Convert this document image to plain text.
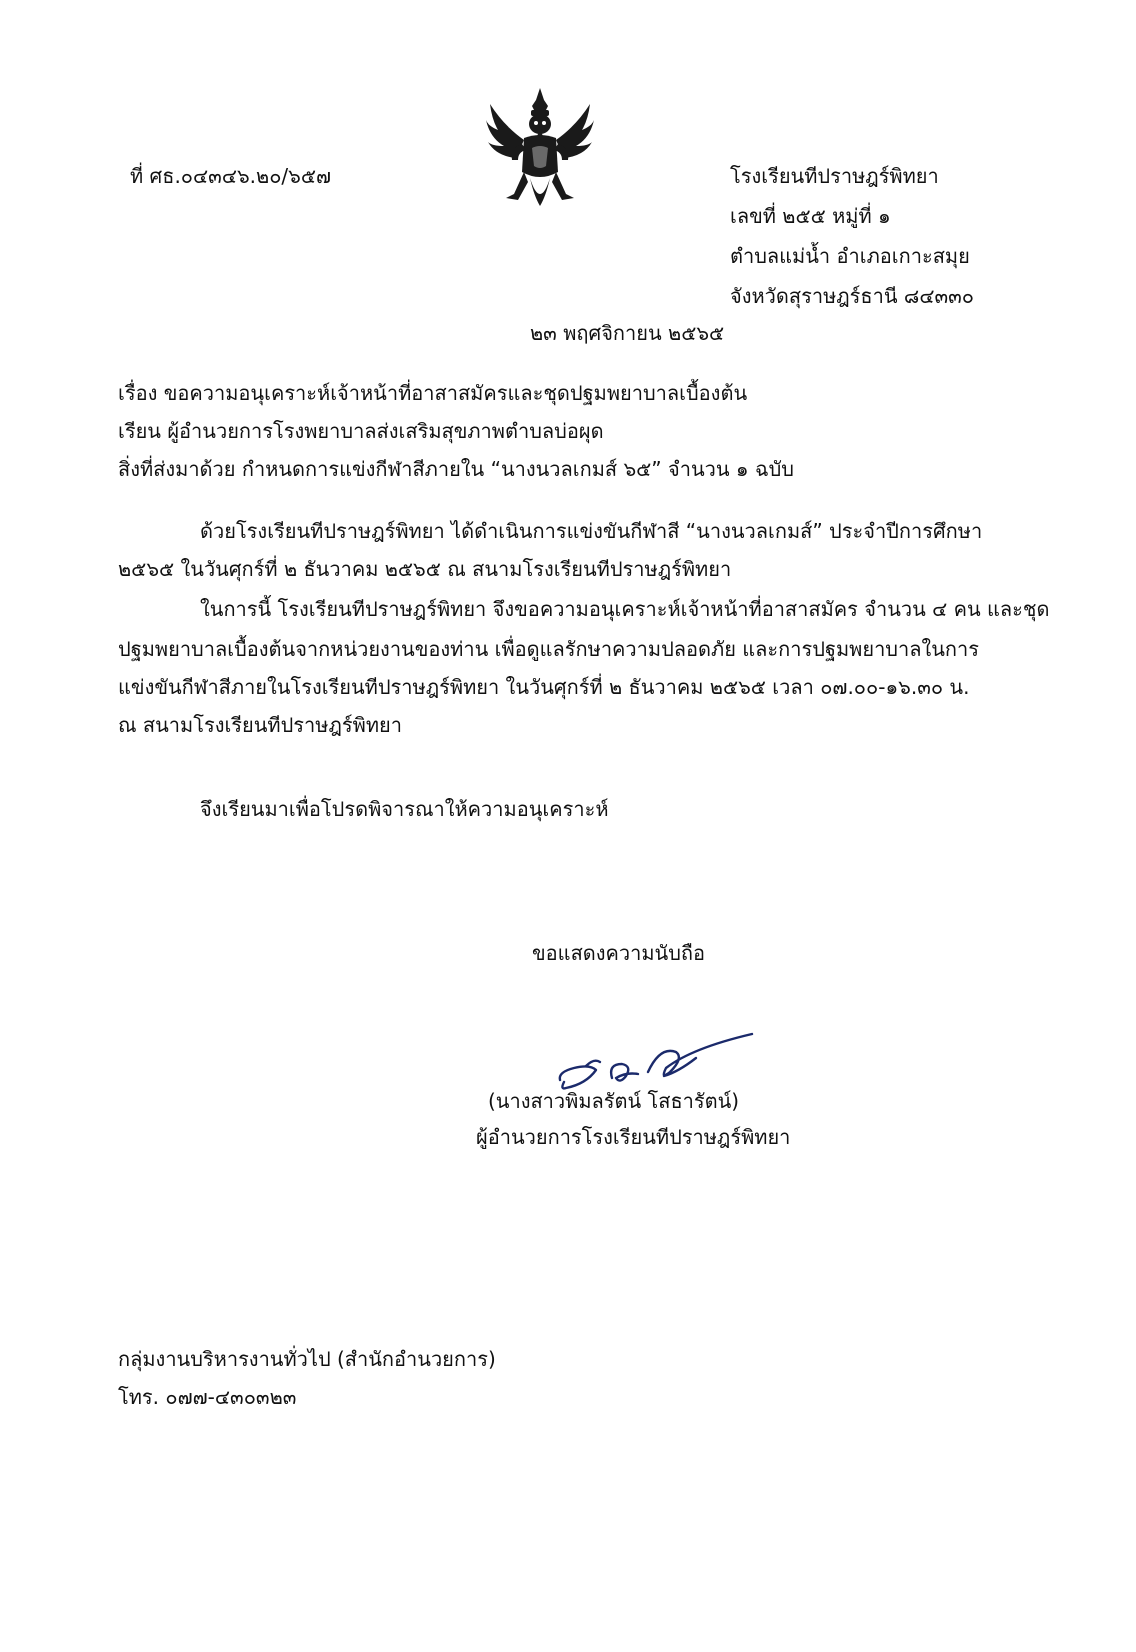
ที่ ศธ.๐๔๓๔๖.๒๐/๖๕๗	โรงเรียนทีปราษฎร์พิทยา
เลขที่ ๒๕๕ หมู่ที่ ๑
ตำบลแม่น้ำ อำเภอเกาะสมุย
จังหวัดสุราษฎร์ธานี ๘๔๓๓๐
๒๓ พฤศจิกายน ๒๕๖๕
เรื่อง ขอความอนุเคราะห์เจ้าหน้าที่อาสาสมัครและชุดปฐมพยาบาลเบื้องต้น
เรียน ผู้อำนวยการโรงพยาบาลส่งเสริมสุขภาพตำบลบ่อผุด
สิ่งที่ส่งมาด้วย กำหนดการแข่งกีฬาสีภายใน “นางนวลเกมส์ ๖๕” จำนวน ๑ ฉบับ
ด้วยโรงเรียนทีปราษฎร์พิทยา ได้ดำเนินการแข่งขันกีฬาสี “นางนวลเกมส์” ประจำปีการศึกษา
๒๕๖๕ ในวันศุกร์ที่ ๒ ธันวาคม ๒๕๖๕ ณ สนามโรงเรียนทีปราษฎร์พิทยา
ในการนี้ โรงเรียนทีปราษฎร์พิทยา จึงขอความอนุเคราะห์เจ้าหน้าที่อาสาสมัคร จำนวน ๔ คน และชุด
ปฐมพยาบาลเบื้องต้นจากหน่วยงานของท่าน เพื่อดูแลรักษาความปลอดภัย และการปฐมพยาบาลในการ
แข่งขันกีฬาสีภายในโรงเรียนทีปราษฎร์พิทยา ในวันศุกร์ที่ ๒ ธันวาคม ๒๕๖๕ เวลา ๐๗.๐๐-๑๖.๓๐ น.
ณ สนามโรงเรียนทีปราษฎร์พิทยา
จึงเรียนมาเพื่อโปรดพิจารณาให้ความอนุเคราะห์
ขอแสดงความนับถือ
(นางสาวพิมลรัตน์ โสธารัตน์)
ผู้อำนวยการโรงเรียนทีปราษฎร์พิทยา
กลุ่มงานบริหารงานทั่วไป (สำนักอำนวยการ)
โทร. ๐๗๗-๔๓๐๓๒๓
